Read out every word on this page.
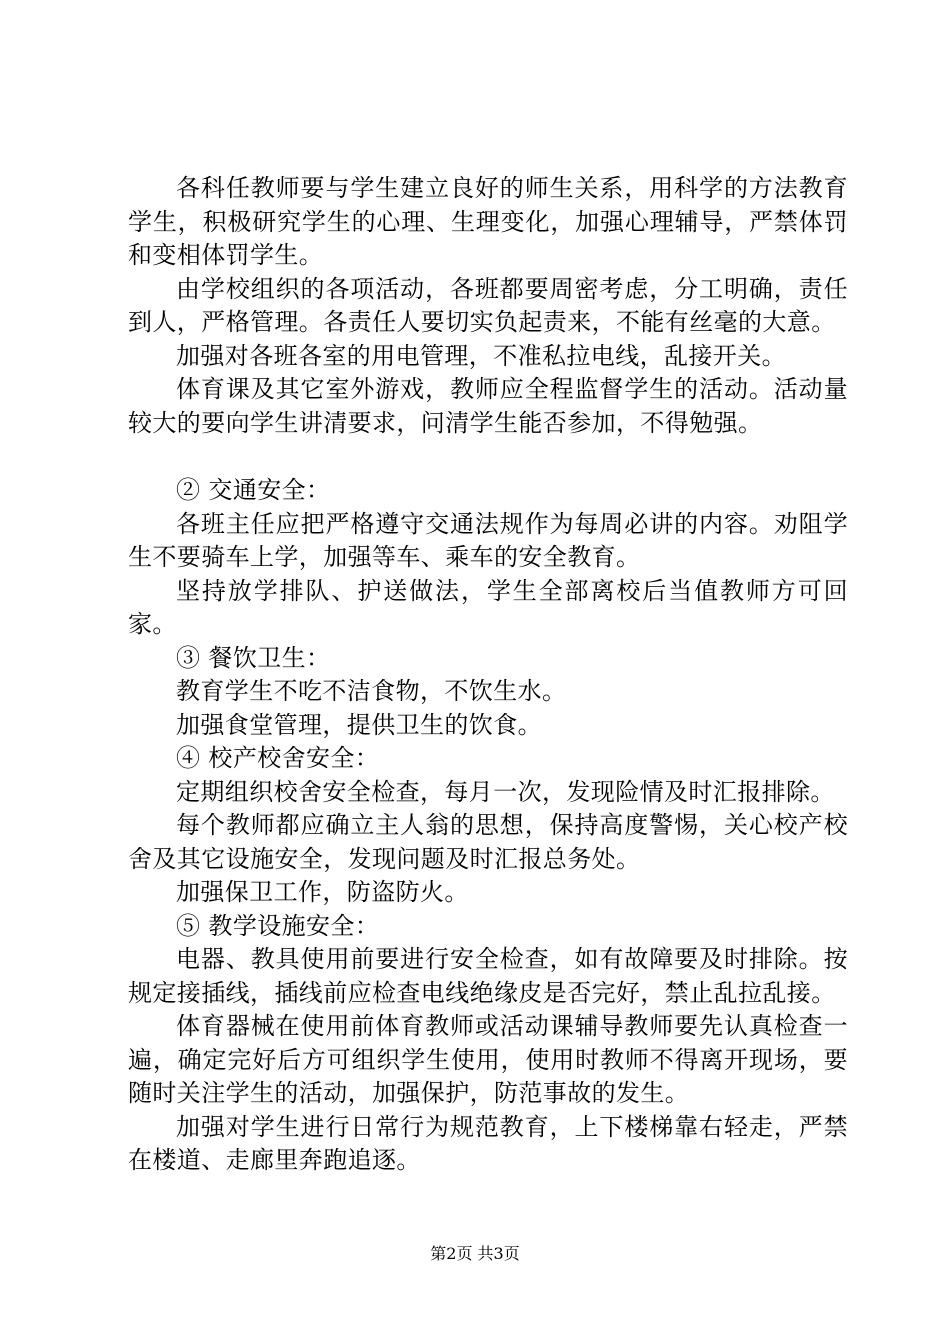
各科任教师要与学生建立良好的师生关系，用科学的方法教育学生，积极研究学生的心理、生理变化，加强心理辅导，严禁体罚和变相体罚学生。

由学校组织的各项活动，各班都要周密考虑，分工明确，责任到人，严格管理。各责任人要切实负起责来，不能有丝毫的大意。

加强对各班各室的用电管理，不准私拉电线，乱接开关。

体育课及其它室外游戏，教师应全程监督学生的活动。活动量较大的要向学生讲清要求，问清学生能否参加，不得勉强。

② 交通安全：

各班主任应把严格遵守交通法规作为每周必讲的内容。劝阻学生不要骑车上学，加强等车、乘车的安全教育。

坚持放学排队、护送做法，学生全部离校后当值教师方可回家。

③ 餐饮卫生：

教育学生不吃不洁食物，不饮生水。

加强食堂管理，提供卫生的饮食。

④ 校产校舍安全：

定期组织校舍安全检查，每月一次，发现险情及时汇报排除。

每个教师都应确立主人翁的思想，保持高度警惕，关心校产校舍及其它设施安全，发现问题及时汇报总务处。

加强保卫工作，防盗防火。

⑤ 教学设施安全：

电器、教具使用前要进行安全检查，如有故障要及时排除。按规定接插线，插线前应检查电线绝缘皮是否完好，禁止乱拉乱接。

体育器械在使用前体育教师或活动课辅导教师要先认真检查一遍，确定完好后方可组织学生使用，使用时教师不得离开现场，要随时关注学生的活动，加强保护，防范事故的发生。

加强对学生进行日常行为规范教育，上下楼梯靠右轻走，严禁在楼道、走廊里奔跑追逐。

第2页 共3页
